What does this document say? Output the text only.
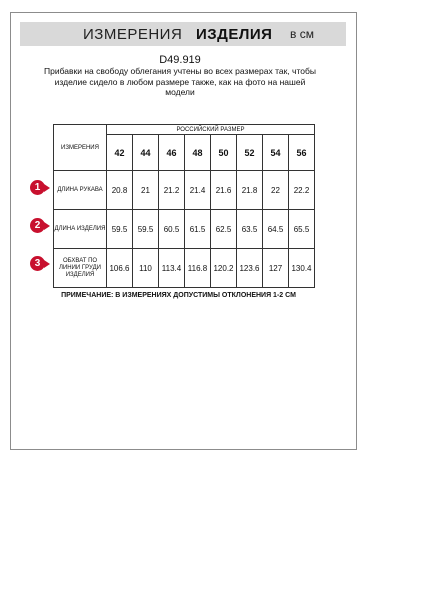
ИЗМЕРЕНИЯ ИЗДЕЛИЯ в см
D49.919
Прибавки на свободу облегания учтены во всех размерах так, чтобы изделие сидело в любом размере также, как на фото на нашей модели
ИЗМЕРЕНИЯ	РОССИЙСКИЙ РАЗМЕР							
	42	44	46	48	50	52	54	56
ДЛИНА РУКАВА	20.8	21	21.2	21.4	21.6	21.8	22	22.2
ДЛИНА ИЗДЕЛИЯ	59.5	59.5	60.5	61.5	62.5	63.5	64.5	65.5
ОБХВАТ ПО ЛИНИИ ГРУДИ ИЗДЕЛИЯ	106.6	110	113.4	116.8	120.2	123.6	127	130.4
1
2
3
ПРИМЕЧАНИЕ: В ИЗМЕРЕНИЯХ ДОПУСТИМЫ ОТКЛОНЕНИЯ 1-2 СМ
